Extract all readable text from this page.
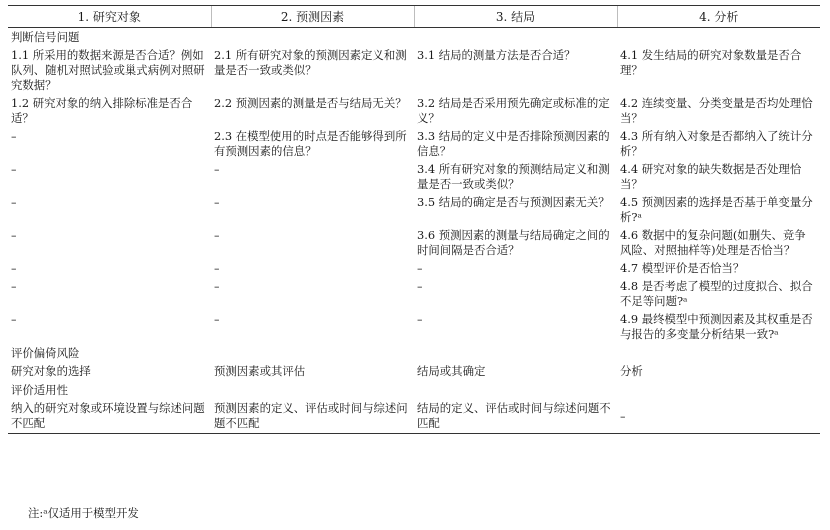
1. 研究对象	2. 预测因素	3. 结局	4. 分析
判断信号问题			
1.1 所采用的数据来源是否合适？例如队列、随机对照试验或巢式病例对照研究数据？	2.1 所有研究对象的预测因素定义和测量是否一致或类似？	3.1 结局的测量方法是否合适？	4.1 发生结局的研究对象数量是否合理？
1.2 研究对象的纳入排除标准是否合适？	2.2 预测因素的测量是否与结局无关？	3.2 结局是否采用预先确定或标准的定义？	4.2 连续变量、分类变量是否均处理恰当？
–	2.3 在模型使用的时点是否能够得到所有预测因素的信息？	3.3 结局的定义中是否排除预测因素的信息？	4.3 所有纳入对象是否都纳入了统计分析？
–	–	3.4 所有研究对象的预测结局定义和测量是否一致或类似？	4.4 研究对象的缺失数据是否处理恰当？
–	–	3.5 结局的确定是否与预测因素无关？	4.5 预测因素的选择是否基于单变量分析?ᵃ
–	–	3.6 预测因素的测量与结局确定之间的时间间隔是否合适？	4.6 数据中的复杂问题(如删失、竞争风险、对照抽样等)处理是否恰当？
–	–	–	4.7 模型评价是否恰当？
–	–	–	4.8 是否考虑了模型的过度拟合、拟合不足等问题?ᵃ
–	–	–	4.9 最终模型中预测因素及其权重是否与报告的多变量分析结果一致?ᵃ
评价偏倚风险			
研究对象的选择	预测因素或其评估	结局或其确定	分析
评价适用性			
纳入的研究对象或环境设置与综述问题不匹配	预测因素的定义、评估或时间与综述问题不匹配	结局的定义、评估或时间与综述问题不匹配	–
注:ᵃ仅适用于模型开发
